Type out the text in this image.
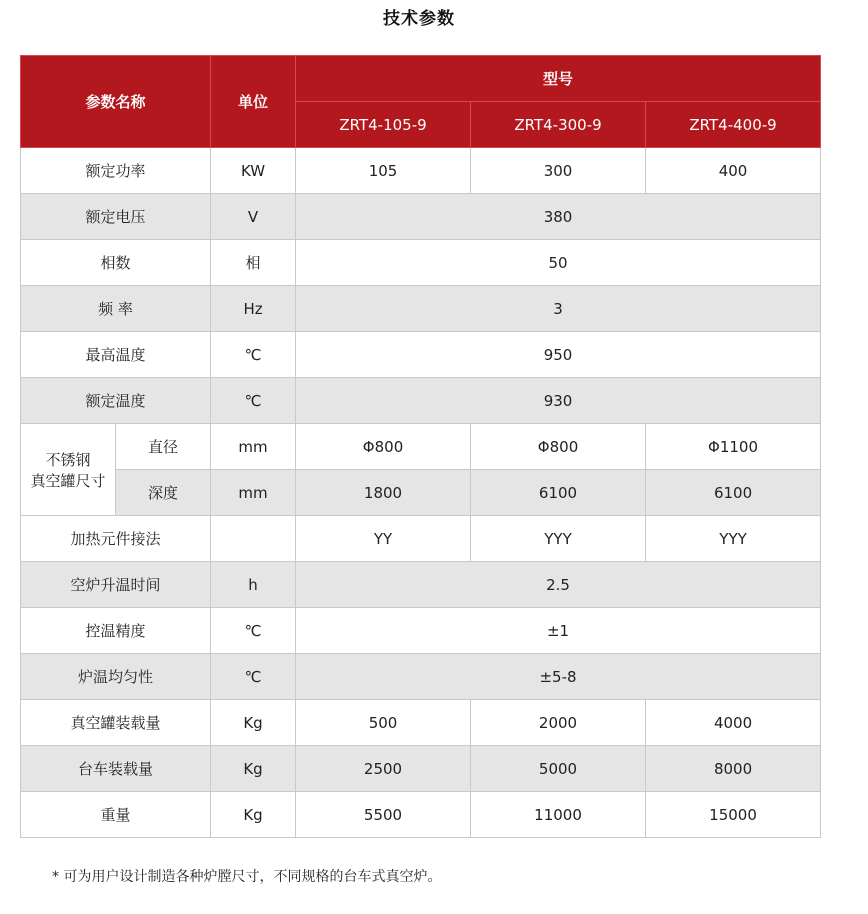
技术参数
参数名称		单位	型号		
			ZRT4-105-9	ZRT4-300-9	ZRT4-400-9
额定功率		KW	105	300	400
额定电压		V	380		
相数		相	50		
频 率		Hz	3		
最高温度		℃	950		
额定温度		℃	930		

不锈钢
真空罐尺寸	直径	mm	Φ800	Φ800	Φ1100
	深度	mm	1800	6100	6100
加热元件接法			YY	YYY	YYY
空炉升温时间		h	2.5		
控温精度		℃	±1		
炉温均匀性		℃	±5-8		
真空罐装载量		Kg	500	2000	4000
台车装载量		Kg	2500	5000	8000
重量		Kg	5500	11000	15000
* 可为用户设计制造各种炉膛尺寸，不同规格的台车式真空炉。
